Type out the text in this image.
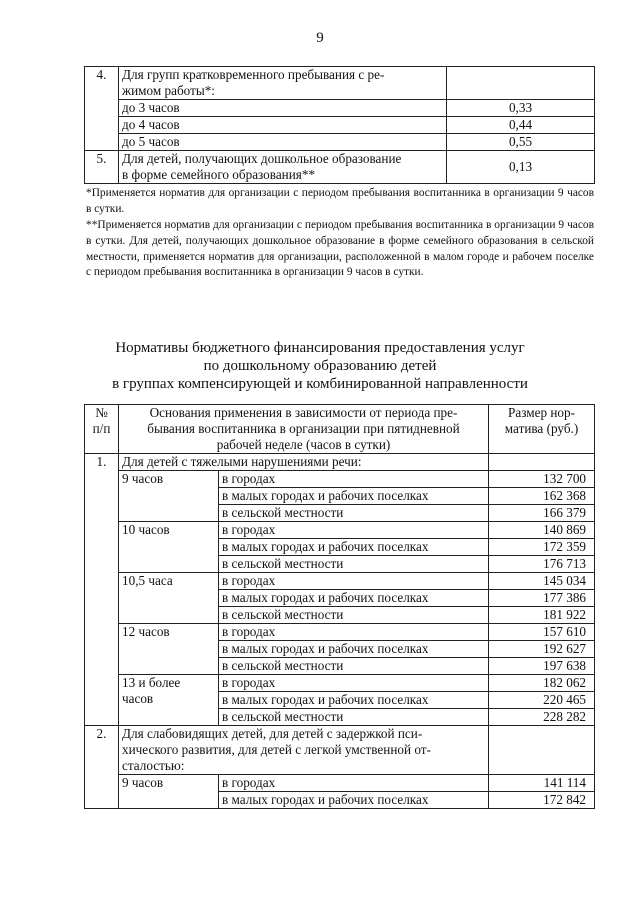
9
4.	Для групп кратковременного пребывания с ре-
жимом работы*:	
	до 3 часов	0,33
	до 4 часов	0,44
	до 5 часов	0,55
5.	Для детей, получающих дошкольное образование
в форме семейного образования**	0,13
*Применяется норматив для организации с периодом пребывания воспитанника в организации 9 часов в сутки.
**Применяется норматив для организации с периодом пребывания воспитанника в организации 9 часов в сутки. Для детей, получающих дошкольное образование в форме семейного образования в сельской местности, применяется норматив для организации, расположенной в малом городе и рабочем поселке с периодом пребывания воспитанника в организации 9 часов в сутки.
Нормативы бюджетного финансирования предоставления услуг
по дошкольному образованию детей
в группах компенсирующей и комбинированной направленности
№
п/п	Основания применения в зависимости от периода пре-
бывания воспитанника в организации при пятидневной
рабочей неделе (часов в сутки)		Размер нор-
матива (руб.)
1.	Для детей с тяжелыми нарушениями речи:		
	9 часов	в городах	132 700
		в малых городах и рабочих поселках	162 368
		в сельской местности	166 379
	10 часов	в городах	140 869
		в малых городах и рабочих поселках	172 359
		в сельской местности	176 713
	10,5 часа	в городах	145 034
		в малых городах и рабочих поселках	177 386
		в сельской местности	181 922
	12 часов	в городах	157 610
		в малых городах и рабочих поселках	192 627
		в сельской местности	197 638
	13 и более
часов	в городах	182 062
		в малых городах и рабочих поселках	220 465
		в сельской местности	228 282
2.	Для слабовидящих детей, для детей с задержкой пси-
хического развития, для детей с легкой умственной от-
сталостью:		
	9 часов	в городах	141 114
		в малых городах и рабочих поселках	172 842
